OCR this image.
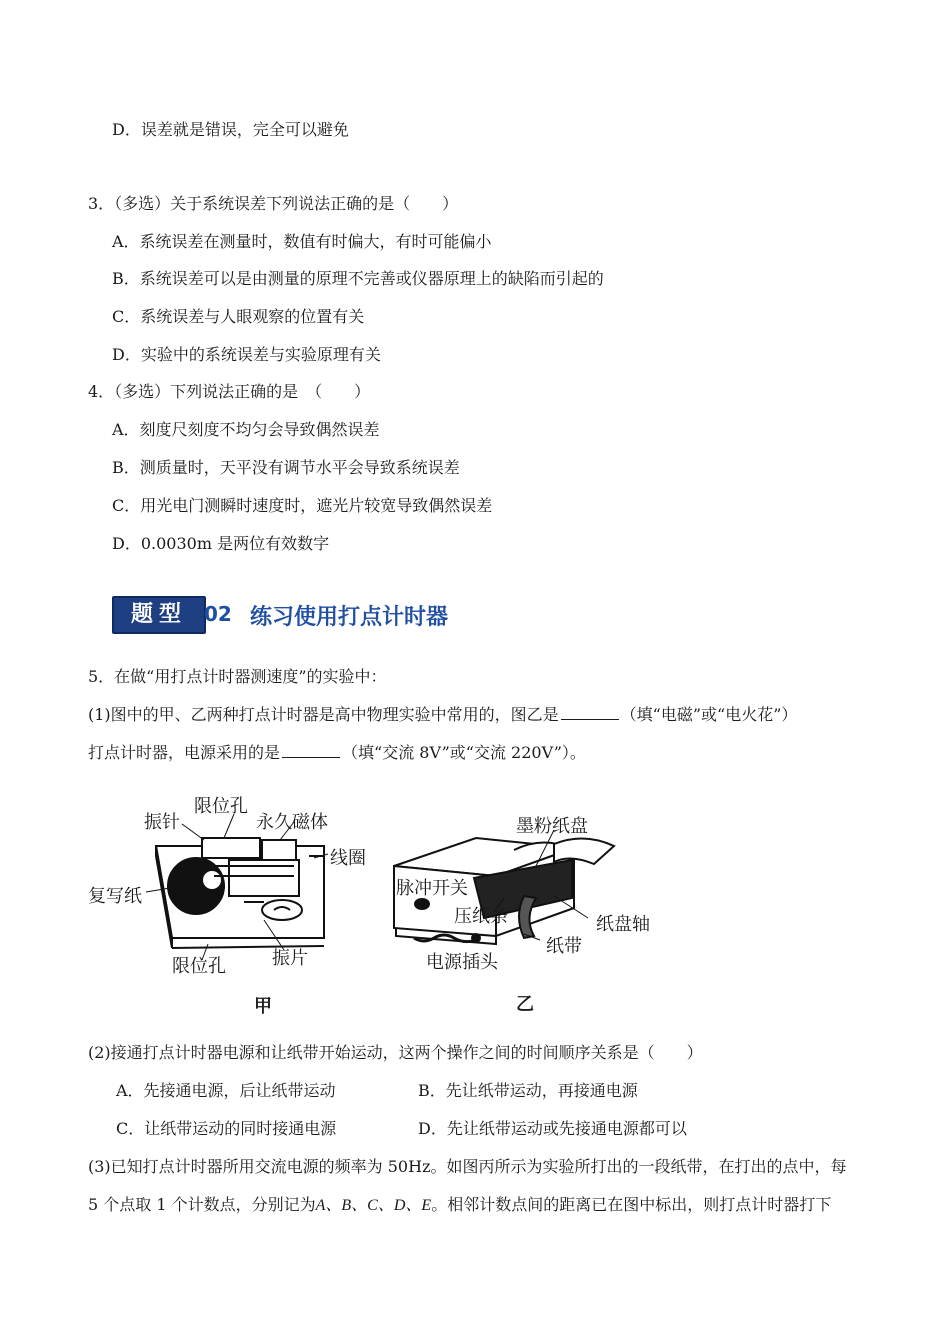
D．误差就是错误，完全可以避免
3．（多选）关于系统误差下列说法正确的是（　　）
A．系统误差在测量时，数值有时偏大，有时可能偏小
B．系统误差可以是由测量的原理不完善或仪器原理上的缺陷而引起的
C．系统误差与人眼观察的位置有关
D．实验中的系统误差与实验原理有关
4．（多选）下列说法正确的是　（　　）
A．刻度尺刻度不均匀会导致偶然误差
B．测质量时，天平没有调节水平会导致系统误差
C．用光电门测瞬时速度时，遮光片较宽导致偶然误差
D．0.0030m 是两位有效数字
题型 02 练习使用打点计时器
5．在做“用打点计时器测速度”的实验中：
(1)图中的甲、乙两种打点计时器是高中物理实验中常用的，图乙是	（填“电磁”或“电火花”）
打点计时器，电源采用的是	（填“交流 8V”或“交流 220V”）。
振针
限位孔
永久磁体
线圈
复写纸
限位孔	振片
墨粉纸盘
脉冲开关
压纸条	纸盘轴
纸带
电源插头
甲	乙
(2)接通打点计时器电源和让纸带开始运动，这两个操作之间的时间顺序关系是（　　）
A．先接通电源，后让纸带运动	B．先让纸带运动，再接通电源
C．让纸带运动的同时接通电源	D．先让纸带运动或先接通电源都可以
(3)已知打点计时器所用交流电源的频率为 50Hz。如图丙所示为实验所打出的一段纸带，在打出的点中，每
5 个点取 1 个计数点，分别记为A、B、C、D、E。相邻计数点间的距离已在图中标出，则打点计时器打下
